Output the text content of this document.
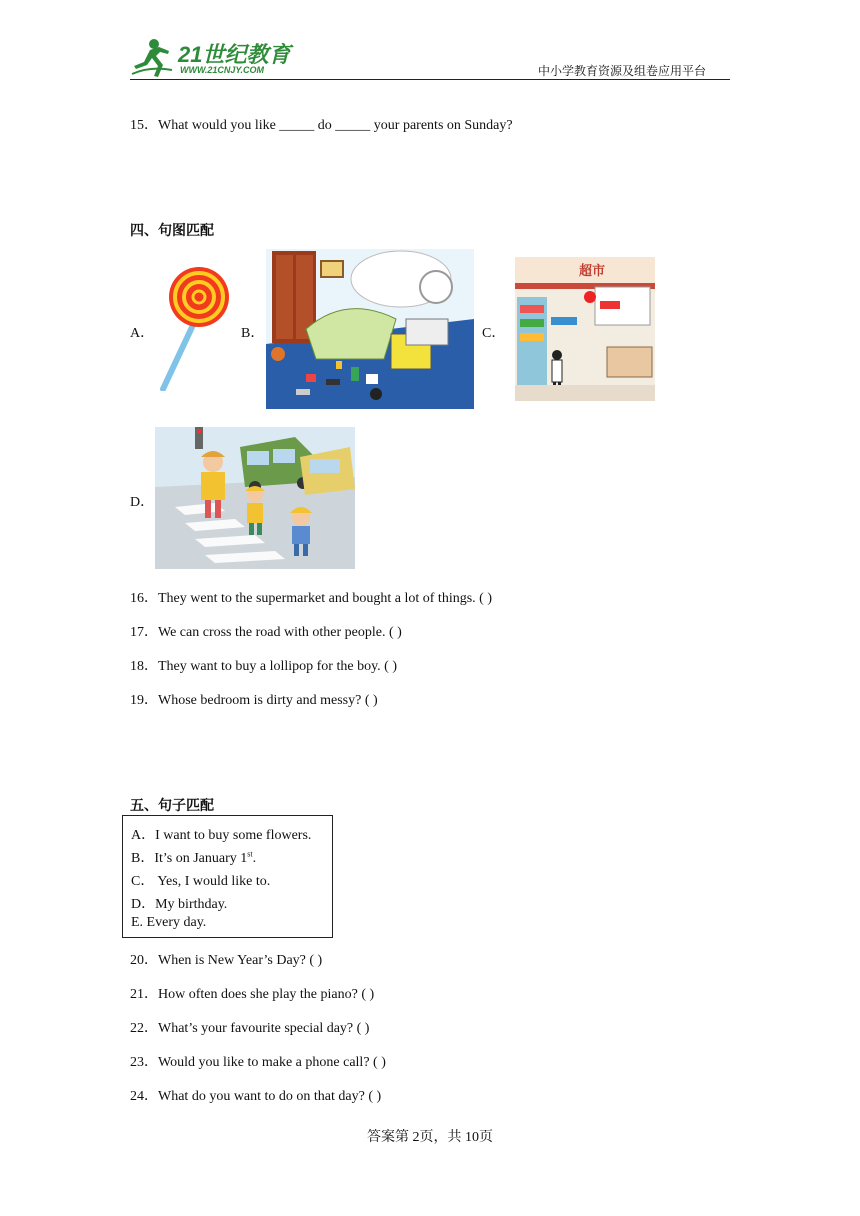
21世纪教育
WWW.21CNJY.COM	中小学教育资源及组卷应用平台
15．What would you like _____ do _____ your parents on Sunday?
四、句图匹配
A．	B．	C．
超市
D．
16．They went to the supermarket and bought a lot of things. ( )
17．We can cross the road with other people. ( )
18．They want to buy a lollipop for the boy. ( )
19．Whose bedroom is dirty and messy? ( )
五、句子匹配
A．I want to buy some flowers.
B．It’s on January 1st.
C． Yes, I would like to.
D．My birthday.
E. Every day.
20．When is New Year’s Day? ( )
21．How often does she play the piano? ( )
22．What’s your favourite special day? ( )
23．Would you like to make a phone call? ( )
24．What do you want to do on that day? ( )
答案第 2页，共 10页
